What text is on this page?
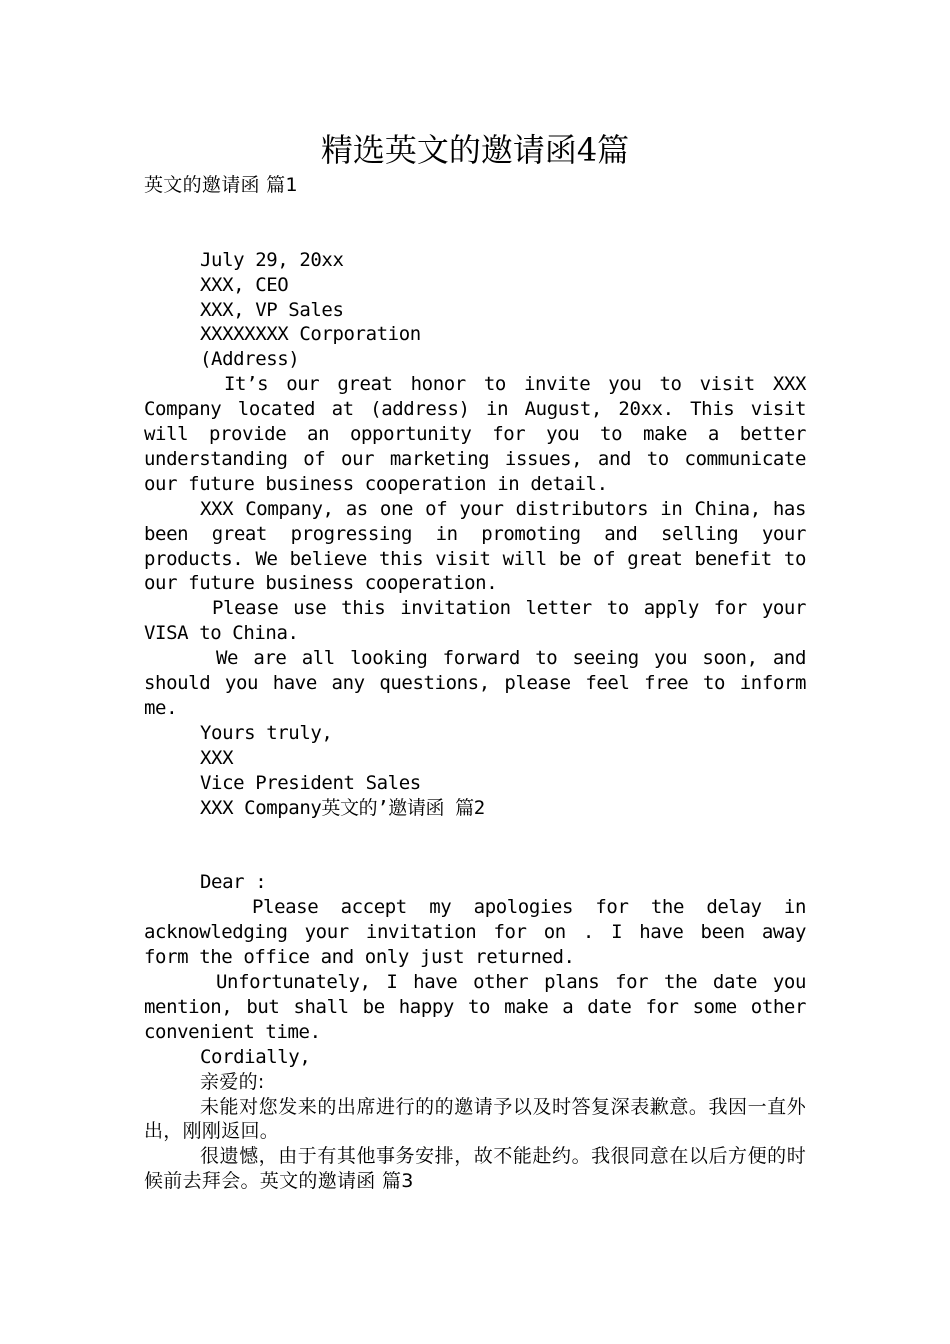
精选英文的邀请函4篇

英文的邀请函 篇1

July 29, 20xx

XXX, CEO

XXX, VP Sales

XXXXXXXX Corporation

(Address)

It’s our great honor to invite you to visit XXX Company located at (address) in August, 20xx. This visit will provide an opportunity for you to make a better understanding of our marketing issues, and to communicate our future business cooperation in detail.

XXX Company, as one of your distributors in China, has been great progressing in promoting and selling your products. We believe this visit will be of great benefit to our future business cooperation.

Please use this invitation letter to apply for your VISA to China.

We are all looking forward to seeing you soon, and should you have any questions, please feel free to inform me.

Yours truly,

XXX

Vice President Sales

XXX Company英文的’邀请函 篇2

Dear :

Please accept my apologies for the delay in acknowledging your invitation for on . I have been away form the office and only just returned.

Unfortunately, I have other plans for the date you mention, but shall be happy to make a date for some other convenient time.

Cordially,

亲爱的:

未能对您发来的出席进行的的邀请予以及时答复深表歉意。我因一直外出，刚刚返回。

很遗憾，由于有其他事务安排，故不能赴约。我很同意在以后方便的时候前去拜会。英文的邀请函 篇3
